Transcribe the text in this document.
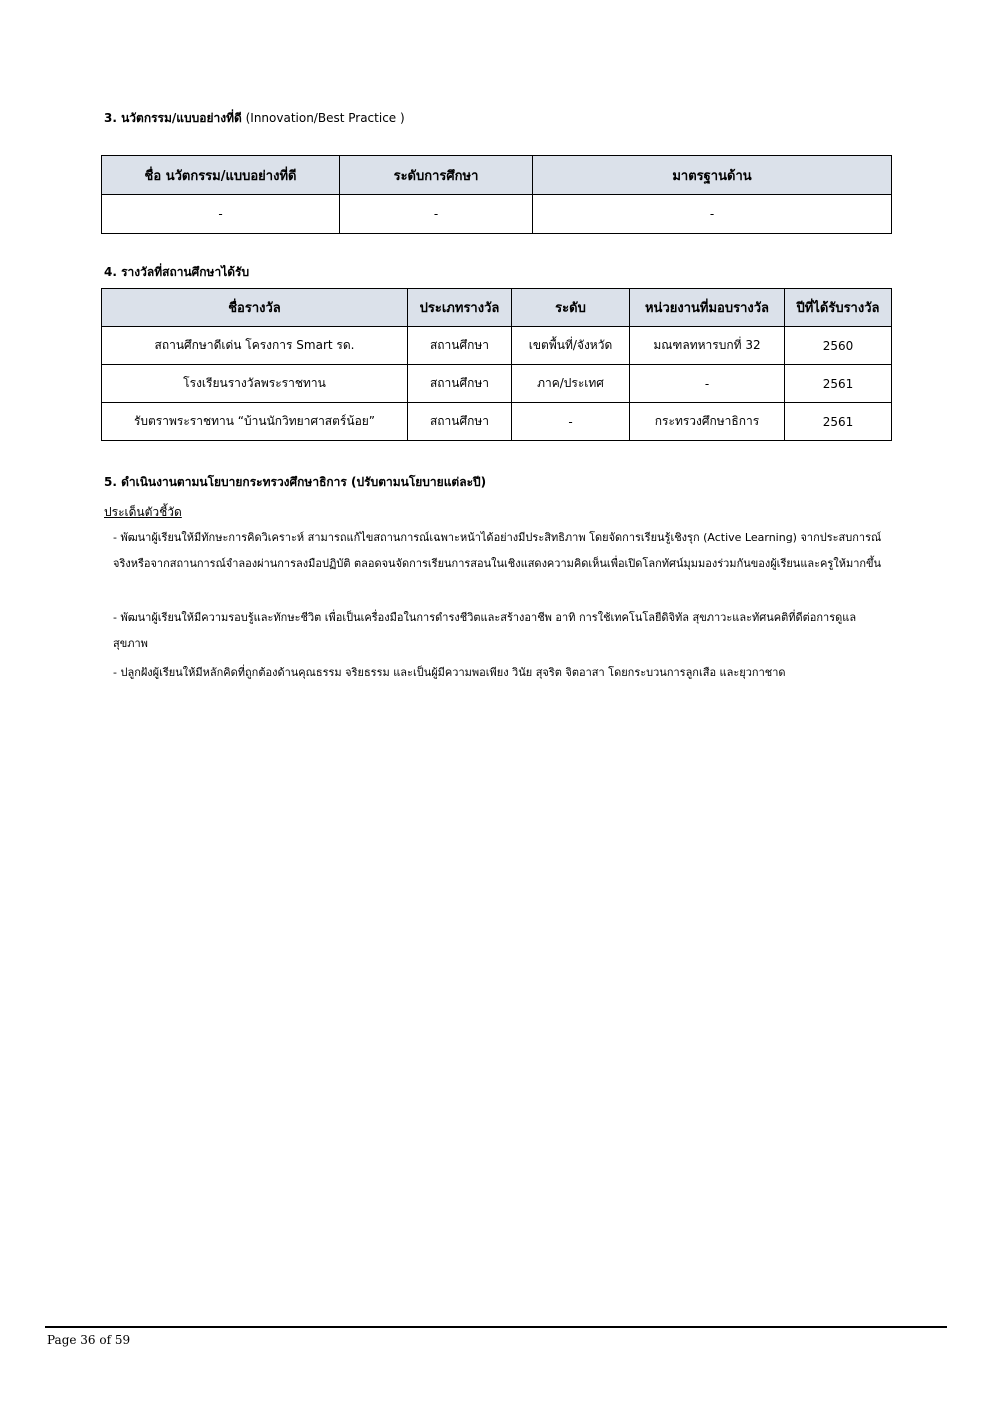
3. นวัตกรรม/แบบอย่างที่ดี (Innovation/Best Practice )
ชื่อ นวัตกรรม/แบบอย่างที่ดี	ระดับการศึกษา	มาตรฐานด้าน
-	-	-
4. รางวัลที่สถานศึกษาได้รับ
ชื่อรางวัล	ประเภทรางวัล	ระดับ	หน่วยงานที่มอบรางวัล	ปีที่ได้รับรางวัล
สถานศึกษาดีเด่น โครงการ Smart รด.	สถานศึกษา	เขตพื้นที่/จังหวัด	มณฑลทหารบกที่ 32	2560
โรงเรียนรางวัลพระราชทาน	สถานศึกษา	ภาค/ประเทศ	-	2561
รับตราพระราชทาน “บ้านนักวิทยาศาสตร์น้อย”	สถานศึกษา	-	กระทรวงศึกษาธิการ	2561
5. ดำเนินงานตามนโยบายกระทรวงศึกษาธิการ (ปรับตามนโยบายแต่ละปี)
ประเด็นตัวชี้วัด
- พัฒนาผู้เรียนให้มีทักษะการคิดวิเคราะห์ สามารถแก้ไขสถานการณ์เฉพาะหน้าได้อย่างมีประสิทธิภาพ โดยจัดการเรียนรู้เชิงรุก (Active Learning) จากประสบการณ์จริงหรือจากสถานการณ์จำลองผ่านการลงมือปฏิบัติ ตลอดจนจัดการเรียนการสอนในเชิงแสดงความคิดเห็นเพื่อเปิดโลกทัศน์มุมมองร่วมกันของผู้เรียนและครูให้มากขึ้น
- พัฒนาผู้เรียนให้มีความรอบรู้และทักษะชีวิต เพื่อเป็นเครื่องมือในการดำรงชีวิตและสร้างอาชีพ อาทิ การใช้เทคโนโลยีดิจิทัล สุขภาวะและทัศนคติที่ดีต่อการดูแลสุขภาพ
- ปลูกฝังผู้เรียนให้มีหลักคิดที่ถูกต้องด้านคุณธรรม จริยธรรม และเป็นผู้มีความพอเพียง วินัย สุจริต จิตอาสา โดยกระบวนการลูกเสือ และยุวกาชาด
Page 36 of 59
